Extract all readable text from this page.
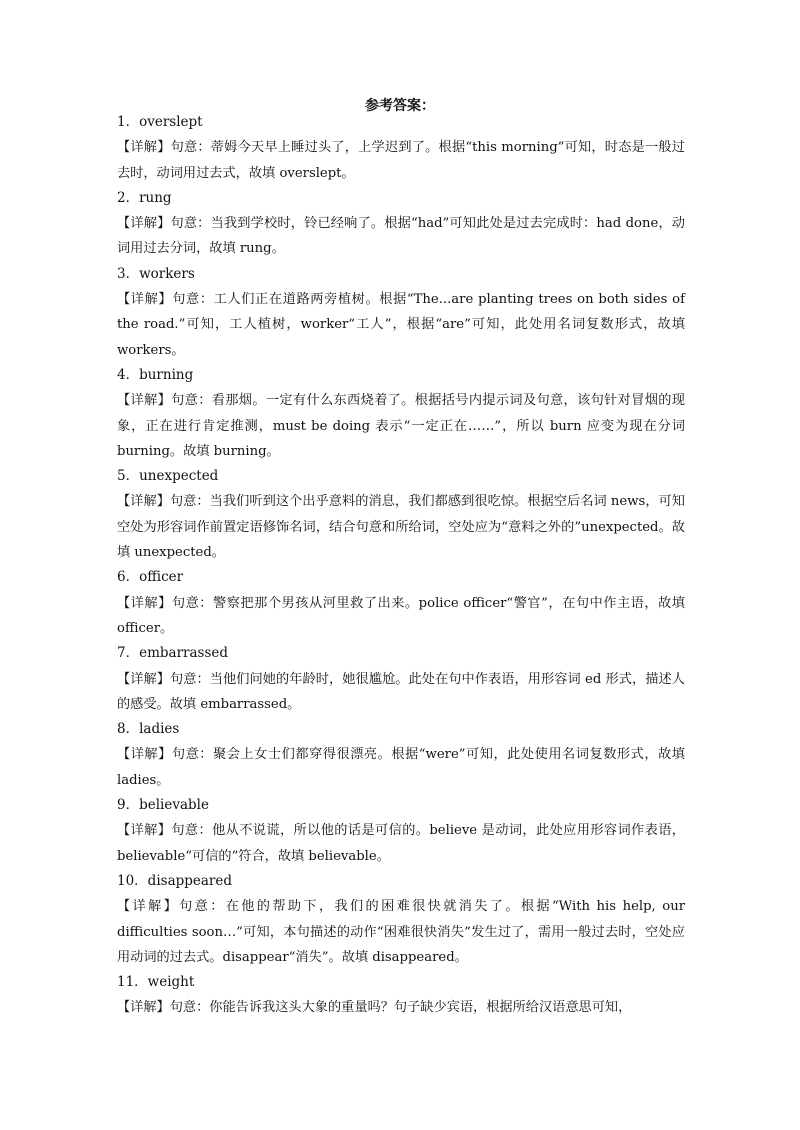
参考答案：
1．overslept
【详解】句意：蒂姆今天早上睡过头了，上学迟到了。根据“this morning”可知，时态是一般过去时，动词用过去式，故填 overslept。
2．rung
【详解】句意：当我到学校时，铃已经响了。根据“had”可知此处是过去完成时：had done，动词用过去分词，故填 rung。
3．workers
【详解】句意：工人们正在道路两旁植树。根据“The...are planting trees on both sides of the road.”可知，工人植树，worker“工人”，根据“are”可知，此处用名词复数形式，故填 workers。
4．burning
【详解】句意：看那烟。一定有什么东西烧着了。根据括号内提示词及句意，该句针对冒烟的现象，正在进行肯定推测，must be doing 表示“一定正在……”，所以 burn 应变为现在分词 burning。故填 burning。
5．unexpected
【详解】句意：当我们听到这个出乎意料的消息，我们都感到很吃惊。根据空后名词 news，可知空处为形容词作前置定语修饰名词，结合句意和所给词，空处应为“意料之外的”unexpected。故填 unexpected。
6．officer
【详解】句意：警察把那个男孩从河里救了出来。police officer“警官”，在句中作主语，故填 officer。
7．embarrassed
【详解】句意：当他们问她的年龄时，她很尴尬。此处在句中作表语，用形容词 ed 形式，描述人的感受。故填 embarrassed。
8．ladies
【详解】句意：聚会上女士们都穿得很漂亮。根据“were”可知，此处使用名词复数形式，故填 ladies。
9．believable
【详解】句意：他从不说谎，所以他的话是可信的。believe 是动词，此处应用形容词作表语，believable“可信的”符合，故填 believable。
10．disappeared
【详解】句意：在他的帮助下，我们的困难很快就消失了。根据“With his help, our difficulties soon…”可知，本句描述的动作“困难很快消失”发生过了，需用一般过去时，空处应用动词的过去式。disappear“消失”。故填 disappeared。
11．weight
【详解】句意：你能告诉我这头大象的重量吗？句子缺少宾语，根据所给汉语意思可知，
